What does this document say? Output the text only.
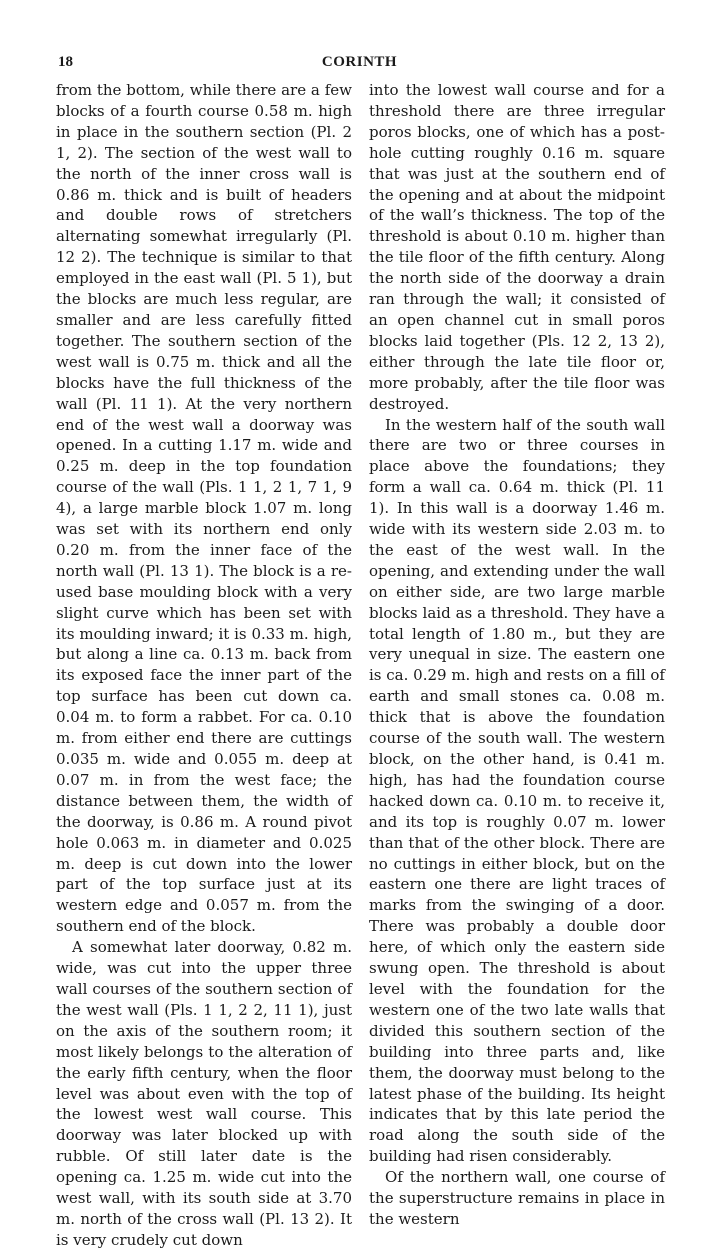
18	CORINTH

from the bottom, while there are a few blocks of a fourth course 0.58 m. high in place in the southern section (Pl. 2 1, 2). The section of the west wall to the north of the inner cross wall is 0.86 m. thick and is built of headers and double rows of stretchers alternating somewhat irregularly (Pl. 12 2). The technique is similar to that employed in the east wall (Pl. 5 1), but the blocks are much less regular, are smaller and are less carefully fitted together. The southern section of the west wall is 0.75 m. thick and all the blocks have the full thickness of the wall (Pl. 11 1). At the very northern end of the west wall a doorway was opened. In a cutting 1.17 m. wide and 0.25 m. deep in the top foundation course of the wall (Pls. 1 1, 2 1, 7 1, 9 4), a large marble block 1.07 m. long was set with its northern end only 0.20 m. from the inner face of the north wall (Pl. 13 1). The block is a re-used base moulding block with a very slight curve which has been set with its moulding inward; it is 0.33 m. high, but along a line ca. 0.13 m. back from its exposed face the inner part of the top surface has been cut down ca. 0.04 m. to form a rabbet. For ca. 0.10 m. from either end there are cuttings 0.035 m. wide and 0.055 m. deep at 0.07 m. in from the west face; the distance between them, the width of the doorway, is 0.86 m. A round pivot hole 0.063 m. in diameter and 0.025 m. deep is cut down into the lower part of the top surface just at its western edge and 0.057 m. from the southern end of the block.

A somewhat later doorway, 0.82 m. wide, was cut into the upper three wall courses of the southern section of the west wall (Pls. 1 1, 2 2, 11 1), just on the axis of the southern room; it most likely belongs to the alteration of the early fifth century, when the floor level was about even with the top of the lowest west wall course. This doorway was later blocked up with rubble. Of still later date is the opening ca. 1.25 m. wide cut into the west wall, with its south side at 3.70 m. north of the cross wall (Pl. 13 2). It is very crudely cut down

into the lowest wall course and for a threshold there are three irregular poros blocks, one of which has a post-hole cutting roughly 0.16 m. square that was just at the southern end of the opening and at about the midpoint of the wall’s thickness. The top of the threshold is about 0.10 m. higher than the tile floor of the fifth century. Along the north side of the doorway a drain ran through the wall; it consisted of an open channel cut in small poros blocks laid together (Pls. 12 2, 13 2), either through the late tile floor or, more probably, after the tile floor was destroyed.

In the western half of the south wall there are two or three courses in place above the foundations; they form a wall ca. 0.64 m. thick (Pl. 11 1). In this wall is a doorway 1.46 m. wide with its western side 2.03 m. to the east of the west wall. In the opening, and extending under the wall on either side, are two large marble blocks laid as a threshold. They have a total length of 1.80 m., but they are very unequal in size. The eastern one is ca. 0.29 m. high and rests on a fill of earth and small stones ca. 0.08 m. thick that is above the foundation course of the south wall. The western block, on the other hand, is 0.41 m. high, has had the foundation course hacked down ca. 0.10 m. to receive it, and its top is roughly 0.07 m. lower than that of the other block. There are no cuttings in either block, but on the eastern one there are light traces of marks from the swinging of a door. There was probably a double door here, of which only the eastern side swung open. The threshold is about level with the foundation for the western one of the two late walls that divided this southern section of the building into three parts and, like them, the doorway must belong to the latest phase of the building. Its height indicates that by this late period the road along the south side of the building had risen considerably.

Of the northern wall, one course of the superstructure remains in place in the western
